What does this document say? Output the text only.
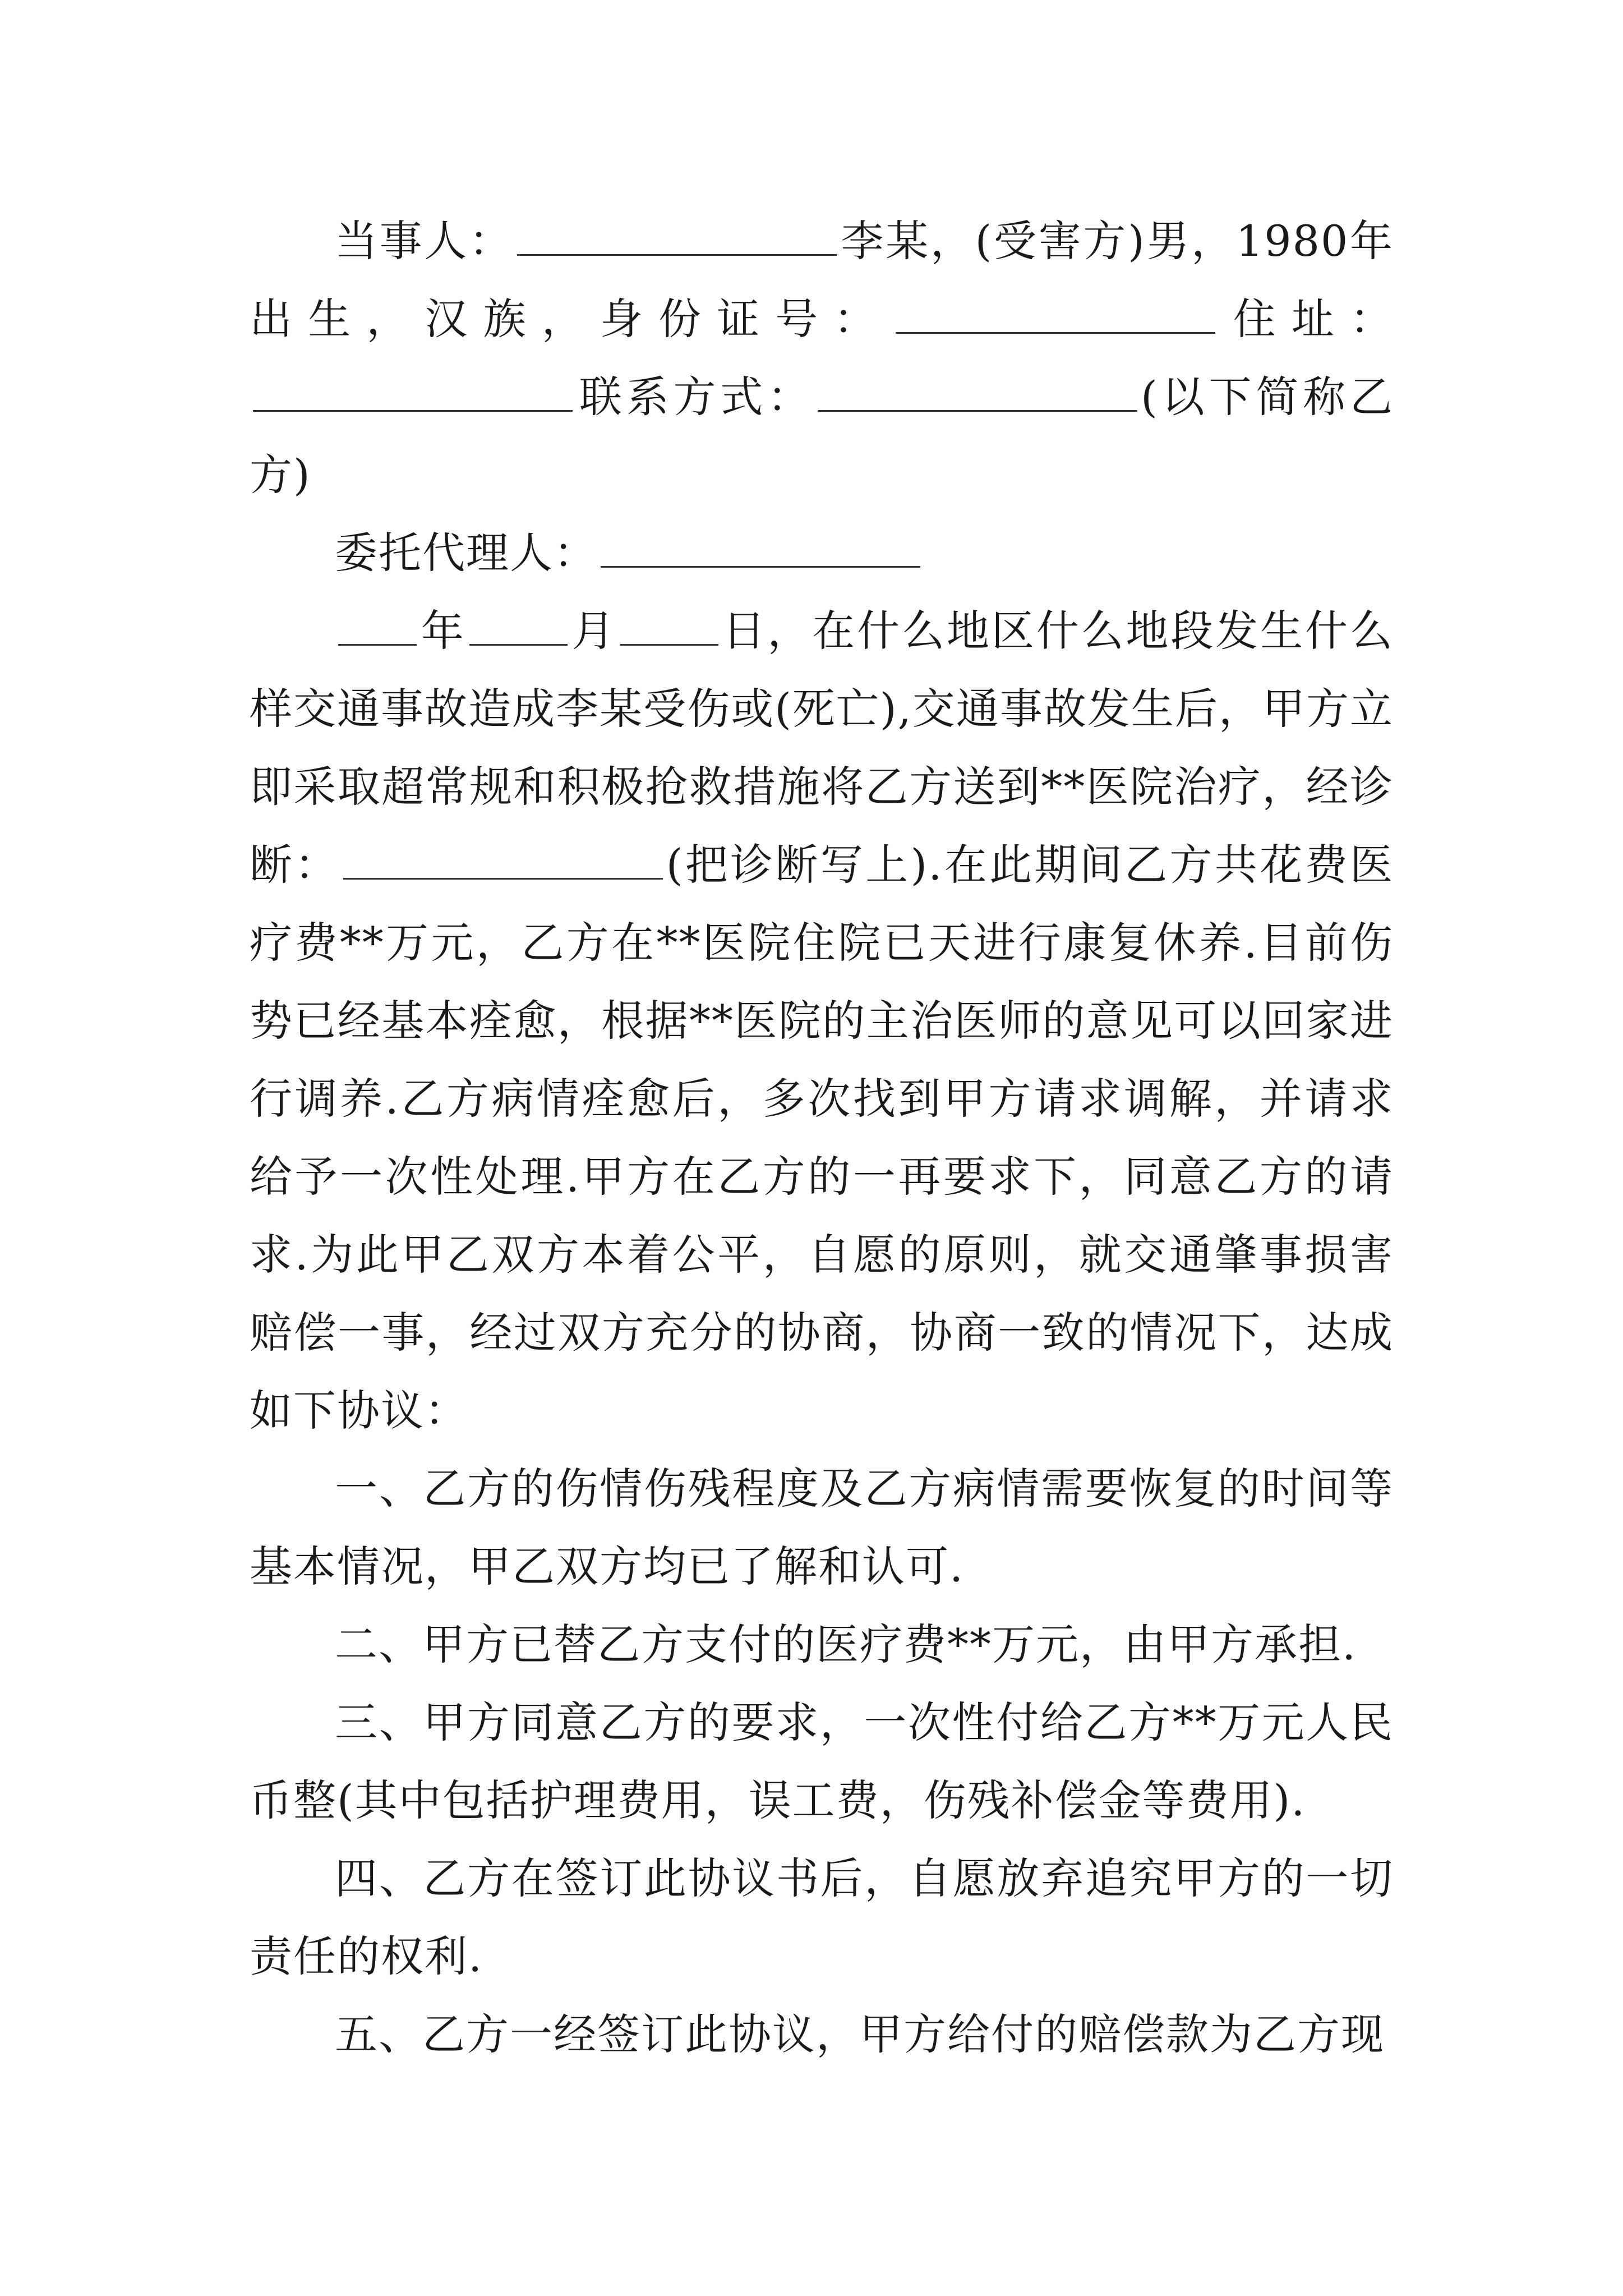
当事人：	李某，(受害方)男，1980年出生，汉族，身份证号：	住址：联系方式：	(以下简称乙方)

委托代理人：

年 月 日，在什么地区什么地段发生什么样交通事故造成李某受伤或(死亡),交通事故发生后，甲方立即采取超常规和积极抢救措施将乙方送到**医院治疗，经诊断：	(把诊断写上).在此期间乙方共花费医疗费**万元，乙方在**医院住院已天进行康复休养.目前伤势已经基本痊愈，根据**医院的主治医师的意见可以回家进行调养.乙方病情痊愈后，多次找到甲方请求调解，并请求给予一次性处理.甲方在乙方的一再要求下，同意乙方的请求.为此甲乙双方本着公平，自愿的原则，就交通肇事损害赔偿一事，经过双方充分的协商，协商一致的情况下，达成如下协议：

一、乙方的伤情伤残程度及乙方病情需要恢复的时间等基本情况，甲乙双方均已了解和认可.

二、甲方已替乙方支付的医疗费**万元，由甲方承担.

三、甲方同意乙方的要求，一次性付给乙方**万元人民币整(其中包括护理费用，误工费，伤残补偿金等费用).

四、乙方在签订此协议书后，自愿放弃追究甲方的一切责任的权利.

五、乙方一经签订此协议，甲方给付的赔偿款为乙方现
